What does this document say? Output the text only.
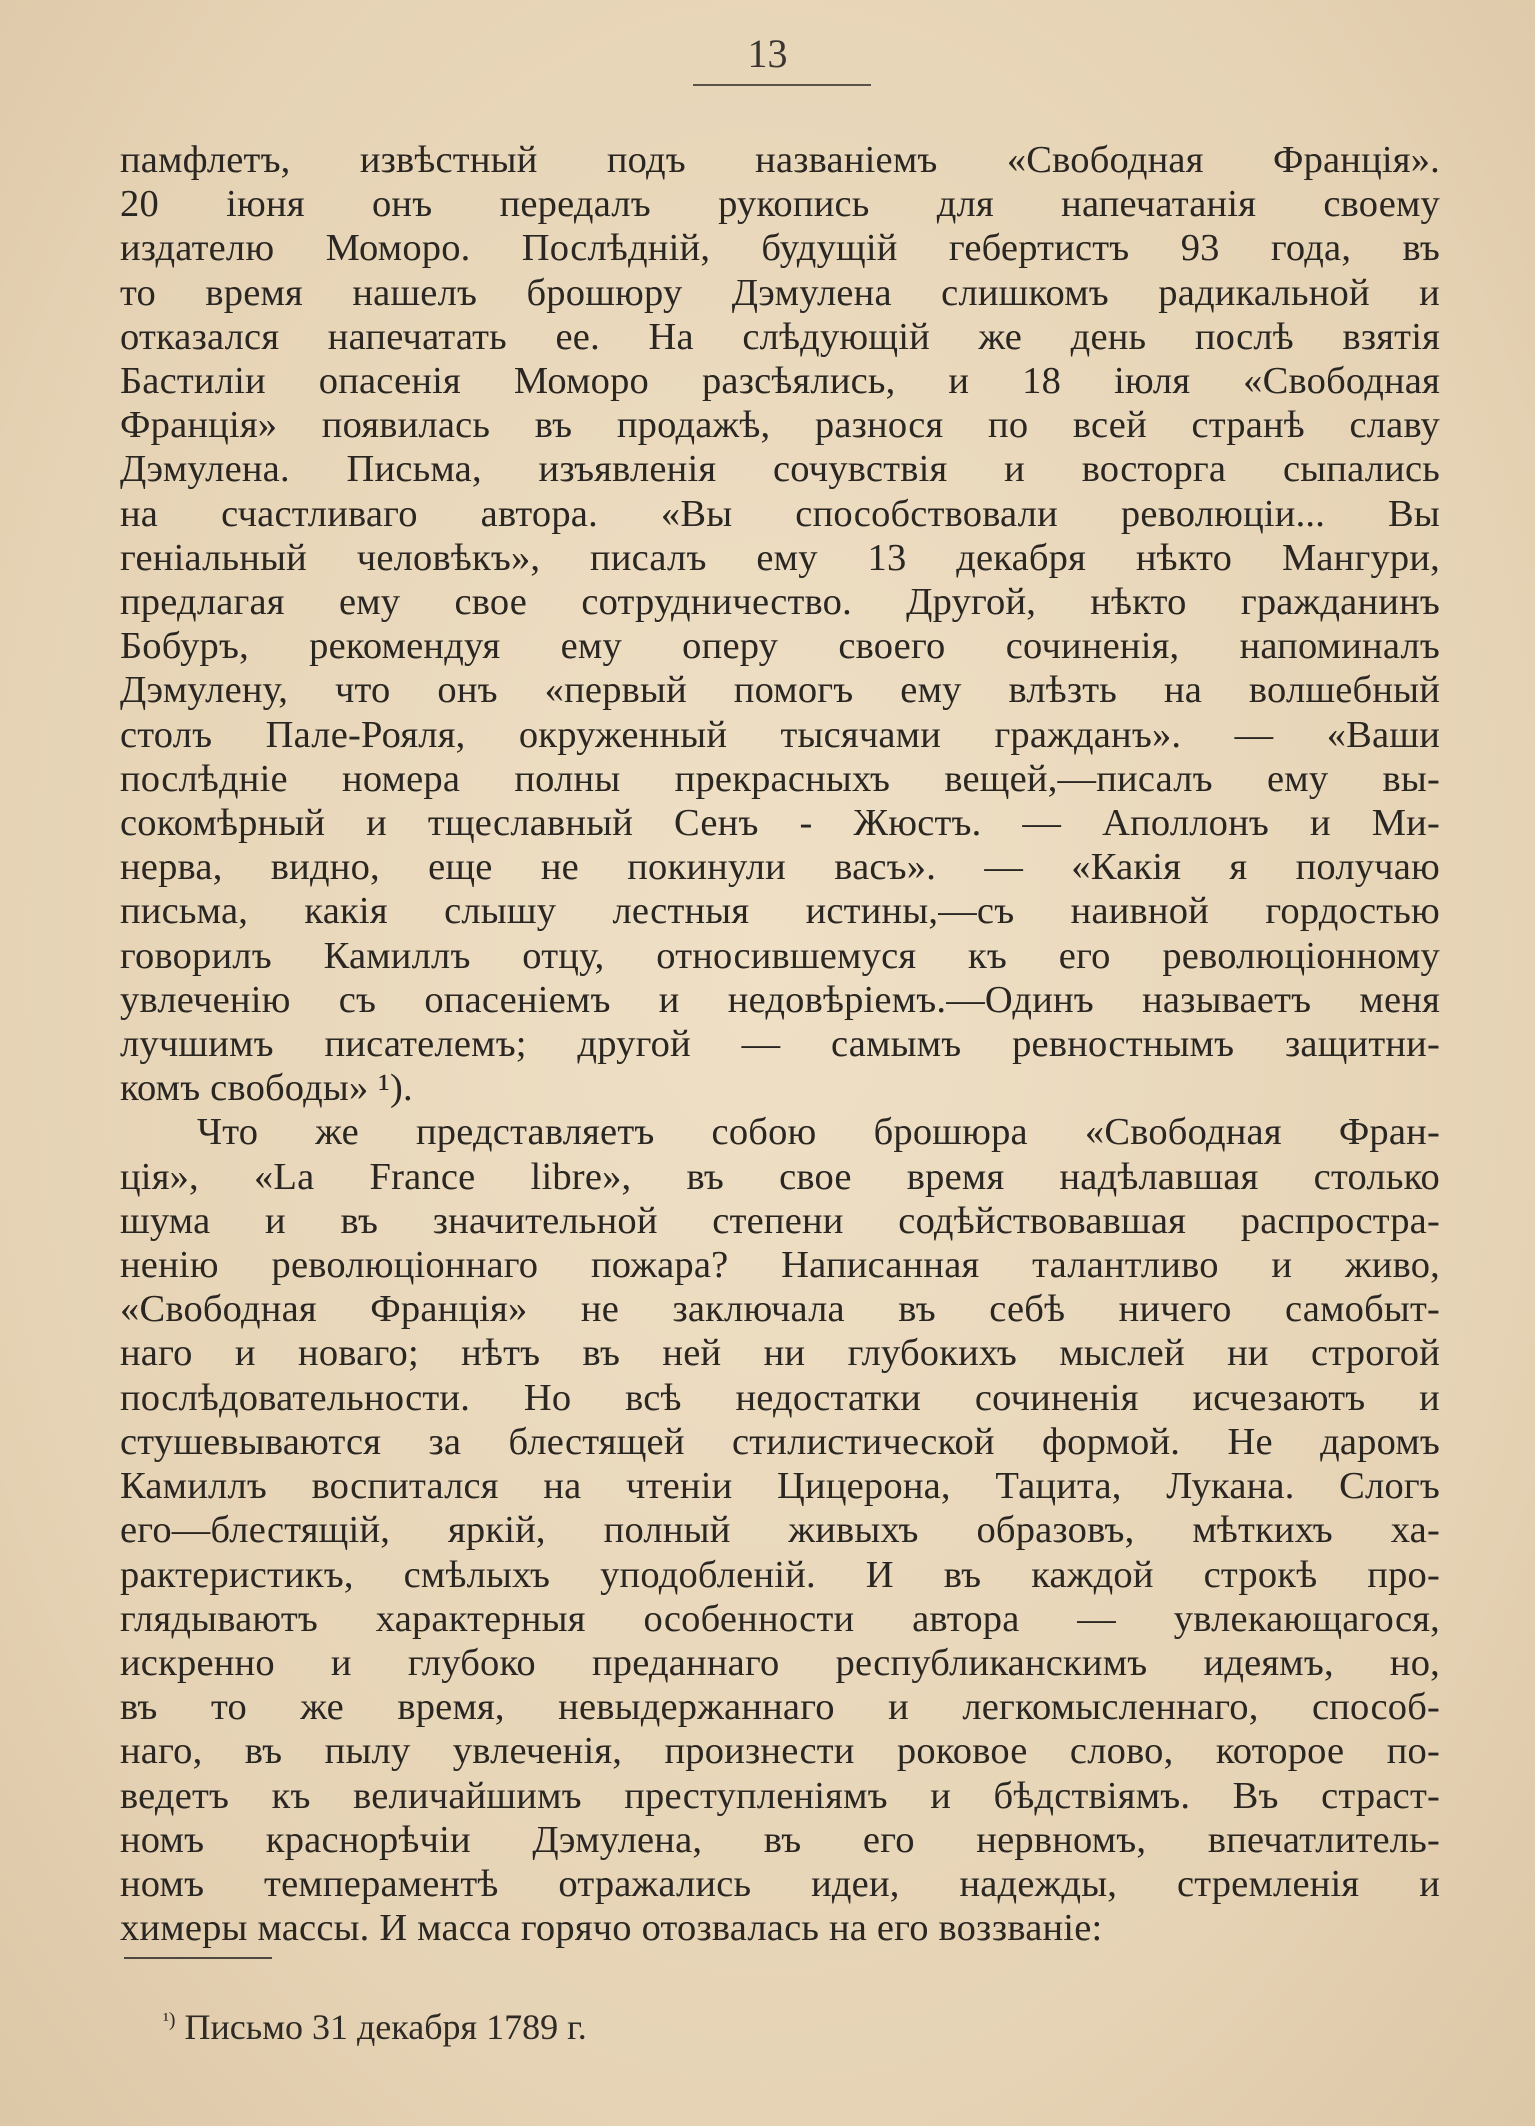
13
памфлетъ, извѣстный подъ названіемъ «Свободная Франція».
20 іюня онъ передалъ рукопись для напечатанія своему
издателю Моморо. Послѣдній, будущій гебертистъ 93 года, въ
то время нашелъ брошюру Дэмулена слишкомъ радикальной и
отказался напечатать ее. На слѣдующій же день послѣ взятія
Бастиліи опасенія Моморо разсѣялись, и 18 іюля «Свободная
Франція» появилась въ продажѣ, разнося по всей странѣ славу
Дэмулена. Письма, изъявленія сочувствія и восторга сыпались
на счастливаго автора. «Вы способствовали революціи... Вы
геніальный человѣкъ», писалъ ему 13 декабря нѣкто Мангури,
предлагая ему свое сотрудничество. Другой, нѣкто гражданинъ
Бобуръ, рекомендуя ему оперу своего сочиненія, напоминалъ
Дэмулену, что онъ «первый помогъ ему влѣзть на волшебный
столъ Пале-Рояля, окруженный тысячами гражданъ». — «Ваши
послѣдніе номера полны прекрасныхъ вещей,—писалъ ему вы-
сокомѣрный и тщеславный Сенъ - Жюстъ. — Аполлонъ и Ми-
нерва, видно, еще не покинули васъ». — «Какія я получаю
письма, какія слышу лестныя истины,—съ наивной гордостью
говорилъ Камиллъ отцу, относившемуся къ его революціонному
увлеченію съ опасеніемъ и недовѣріемъ.—Одинъ называетъ меня
лучшимъ писателемъ; другой — самымъ ревностнымъ защитни-
комъ свободы» ¹).
Что же представляетъ собою брошюра «Свободная Фран-
ція», «La France libre», въ свое время надѣлавшая столько
шума и въ значительной степени содѣйствовавшая распростра-
ненію революціоннаго пожара? Написанная талантливо и живо,
«Свободная Франція» не заключала въ себѣ ничего самобыт-
наго и новаго; нѣтъ въ ней ни глубокихъ мыслей ни строгой
послѣдовательности. Но всѣ недостатки сочиненія исчезаютъ и
стушевываются за блестящей стилистической формой. Не даромъ
Камиллъ воспитался на чтеніи Цицерона, Тацита, Лукана. Слогъ
его—блестящій, яркій, полный живыхъ образовъ, мѣткихъ ха-
рактеристикъ, смѣлыхъ уподобленій. И въ каждой строкѣ про-
глядываютъ характерныя особенности автора — увлекающагося,
искренно и глубоко преданнаго республиканскимъ идеямъ, но,
въ то же время, невыдержаннаго и легкомысленнаго, способ-
наго, въ пылу увлеченія, произнести роковое слово, которое по-
ведетъ къ величайшимъ преступленіямъ и бѣдствіямъ. Въ страст-
номъ краснорѣчіи Дэмулена, въ его нервномъ, впечатлитель-
номъ темпераментѣ отражались идеи, надежды, стремленія и
химеры массы. И масса горячо отозвалась на его воззваніе:
$^{^1)}$ Письмо 31 декабря 1789 г.
